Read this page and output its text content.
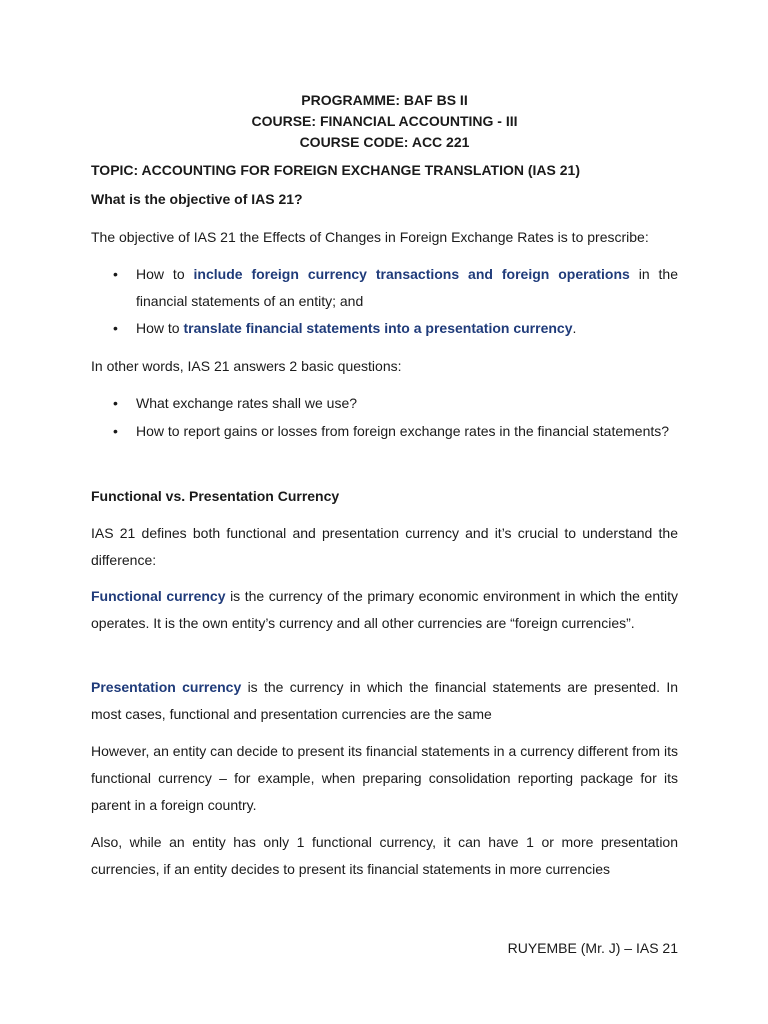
PROGRAMME: BAF BS II
COURSE: FINANCIAL ACCOUNTING - III
COURSE CODE: ACC 221
TOPIC: ACCOUNTING FOR FOREIGN EXCHANGE TRANSLATION (IAS 21)
What is the objective of IAS 21?
The objective of IAS 21 the Effects of Changes in Foreign Exchange Rates is to prescribe:
• How to include foreign currency transactions and foreign operations in the financial statements of an entity; and
• How to translate financial statements into a presentation currency.
In other words, IAS 21 answers 2 basic questions:
• What exchange rates shall we use?
• How to report gains or losses from foreign exchange rates in the financial statements?
Functional vs. Presentation Currency
IAS 21 defines both functional and presentation currency and it’s crucial to understand the difference:
Functional currency is the currency of the primary economic environment in which the entity operates. It is the own entity’s currency and all other currencies are “foreign currencies”.
Presentation currency is the currency in which the financial statements are presented. In most cases, functional and presentation currencies are the same
However, an entity can decide to present its financial statements in a currency different from its functional currency – for example, when preparing consolidation reporting package for its parent in a foreign country.
Also, while an entity has only 1 functional currency, it can have 1 or more presentation currencies, if an entity decides to present its financial statements in more currencies
RUYEMBE (Mr. J) – IAS 21
